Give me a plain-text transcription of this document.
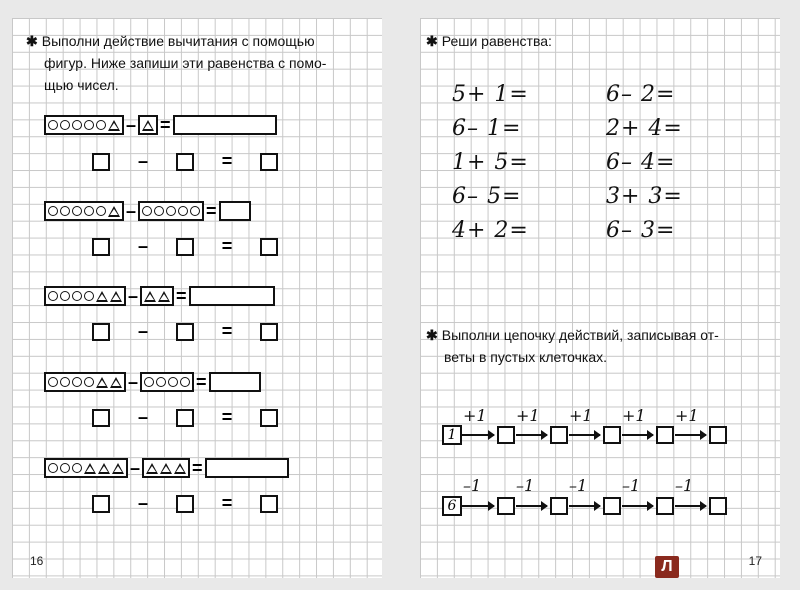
✱ Выполни действие вычитания с помощью
фигур. Ниже запиши эти равенства с помо-
щью чисел.
– =
–	=
–	=
–	=
– =
–	=
–	=
–	=
–	=
–	=
16
✱ Реши равенства:
5+ 1=	6– 2=
6– 1=	2+ 4=
1+ 5=	6– 4=
6– 5=	3+ 3=
4+ 2=	6– 3=
✱ Выполни цепочку действий, записывая от-
веты в пустых клеточках.
+1 +1 +1 +1 +1
1
–1 –1 –1 –1 –1
6
17
Л
